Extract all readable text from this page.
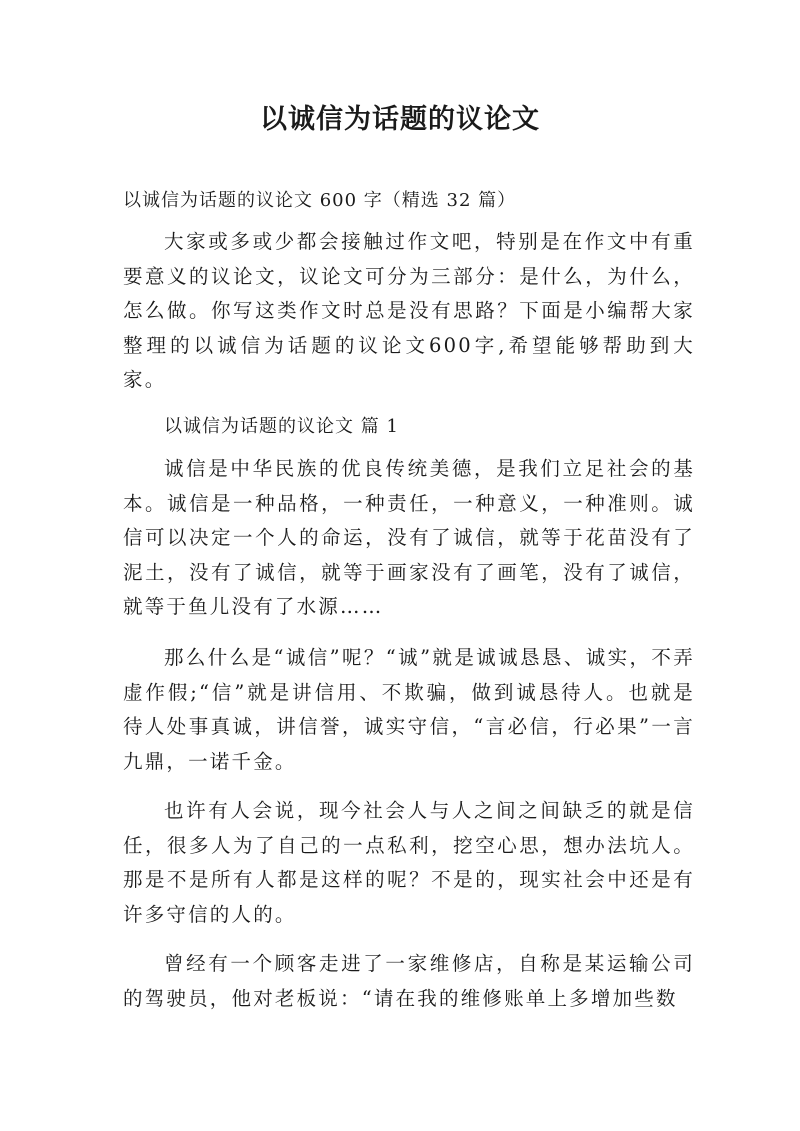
以诚信为话题的议论文
以诚信为话题的议论文 600 字（精选 32 篇）

大家或多或少都会接触过作文吧，特别是在作文中有重要意义的议论文，议论文可分为三部分：是什么，为什么，怎么做。你写这类作文时总是没有思路？下面是小编帮大家整理的以诚信为话题的议论文600字,希望能够帮助到大家。

以诚信为话题的议论文 篇 1

诚信是中华民族的优良传统美德，是我们立足社会的基本。诚信是一种品格，一种责任，一种意义，一种准则。诚信可以决定一个人的命运，没有了诚信，就等于花苗没有了泥土，没有了诚信，就等于画家没有了画笔，没有了诚信，就等于鱼儿没有了水源……

那么什么是“诚信”呢？“诚”就是诚诚恳恳、诚实，不弄虚作假;“信”就是讲信用、不欺骗，做到诚恳待人。也就是待人处事真诚，讲信誉，诚实守信，“言必信，行必果”一言九鼎，一诺千金。

也许有人会说，现今社会人与人之间之间缺乏的就是信任，很多人为了自己的一点私利，挖空心思，想办法坑人。那是不是所有人都是这样的呢？不是的，现实社会中还是有许多守信的人的。

曾经有一个顾客走进了一家维修店，自称是某运输公司的驾驶员，他对老板说：“请在我的维修账单上多增加些数
